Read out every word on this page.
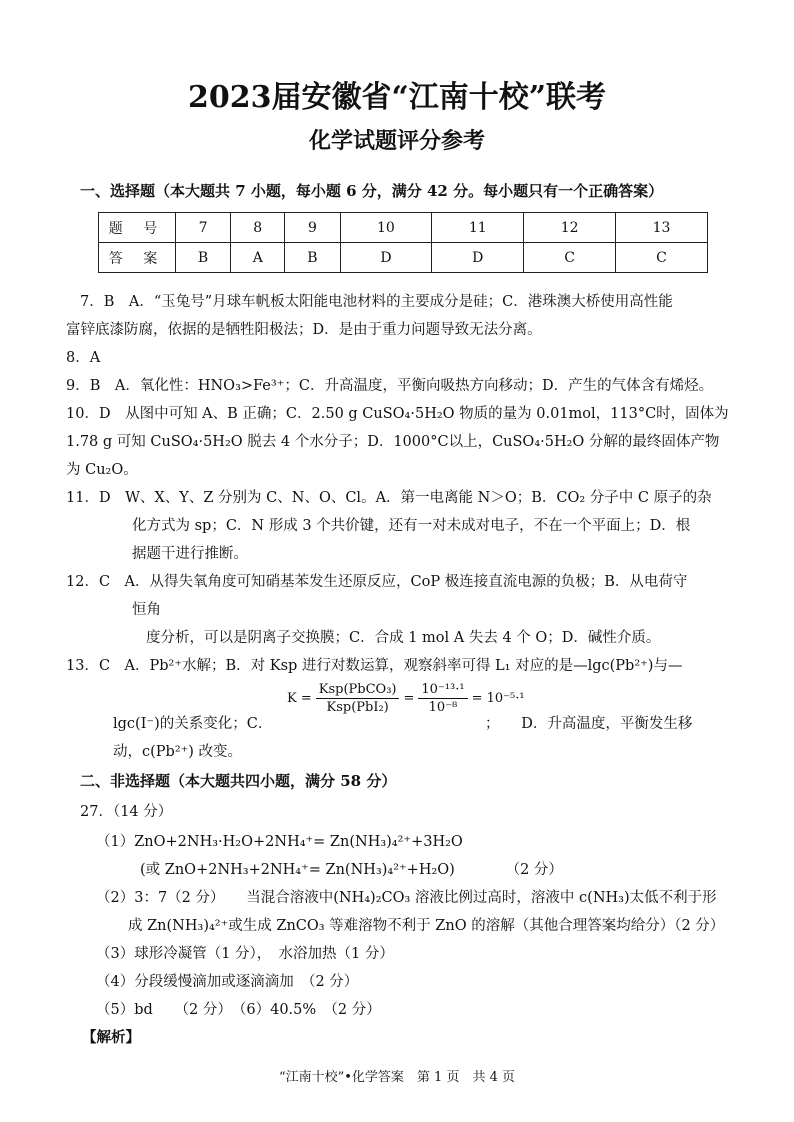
2023届安徽省“江南十校”联考
化学试题评分参考
一、选择题（本大题共 7 小题，每小题 6 分，满分 42 分。每小题只有一个正确答案）
题 号	7	8	9	10	11	12	13
答 案	B	A	B	D	D	C	C
7．B　A．“玉兔号”月球车帆板太阳能电池材料的主要成分是硅；C．港珠澳大桥使用高性能
富锌底漆防腐，依据的是牺牲阳极法；D．是由于重力问题导致无法分离。
8．A
9．B　A．氧化性：HNO₃>Fe³⁺；C．升高温度，平衡向吸热方向移动；D．产生的气体含有烯烃。
10．D　从图中可知 A、B 正确；C．2.50 g CuSO₄·5H₂O 物质的量为 0.01mol，113°C时，固体为
1.78 g 可知 CuSO₄·5H₂O 脱去 4 个水分子；D．1000°C以上，CuSO₄·5H₂O 分解的最终固体产物
为 Cu₂O。
11．D　W、X、Y、Z 分别为 C、N、O、Cl。A．第一电离能 N＞O；B．CO₂ 分子中 C 原子的杂
化方式为 sp；C．N 形成 3 个共价键，还有一对未成对电子，不在一个平面上；D．根
据题干进行推断。
12．C　A．从得失氧角度可知硝基苯发生还原反应，CoP 极连接直流电源的负极；B．从电荷守
恒角
度分析，可以是阴离子交换膜；C．合成 1 mol A 失去 4 个 O；D．碱性介质。
13．C　A．Pb²⁺水解；B．对 Ksp 进行对数运算，观察斜率可得 L₁ 对应的是—lgc(Pb²⁺)与—
K =
Ksp(PbCO₃)
Ksp(PbI₂)
= $\frac{\text{10⁻¹³·¹}}{\text{10⁻⁸}} = 10^{-5}\cdot^1$
lgc(I⁻)的关系变化；C．	；　　D．升高温度，平衡发生移
动，c(Pb²⁺) 改变。
二、非选择题（本大题共四小题，满分 58 分）
27．（14 分）
（1）ZnO+2NH₃·H₂O+2NH₄⁺= Zn(NH₃)₄²⁺+3H₂O
(或 ZnO+2NH₃+2NH₄⁺= Zn(NH₃)₄²⁺+H₂O)　　　　（2 分）
（2）3：7（2 分）　　当混合溶液中(NH₄)₂CO₃ 溶液比例过高时，溶液中 c(NH₃)太低不利于形
成 Zn(NH₃)₄²⁺或生成 ZnCO₃ 等难溶物不利于 ZnO 的溶解（其他合理答案均给分）（2 分）
（3）球形冷凝管（1 分），　水浴加热（1 分）
（4）分段缓慢滴加或逐滴滴加　（2 分）
（5）bd　　（2 分）　（6）40.5%　（2 分）
【解析】
“江南十校”•化学答案　第 1 页　共 4 页
